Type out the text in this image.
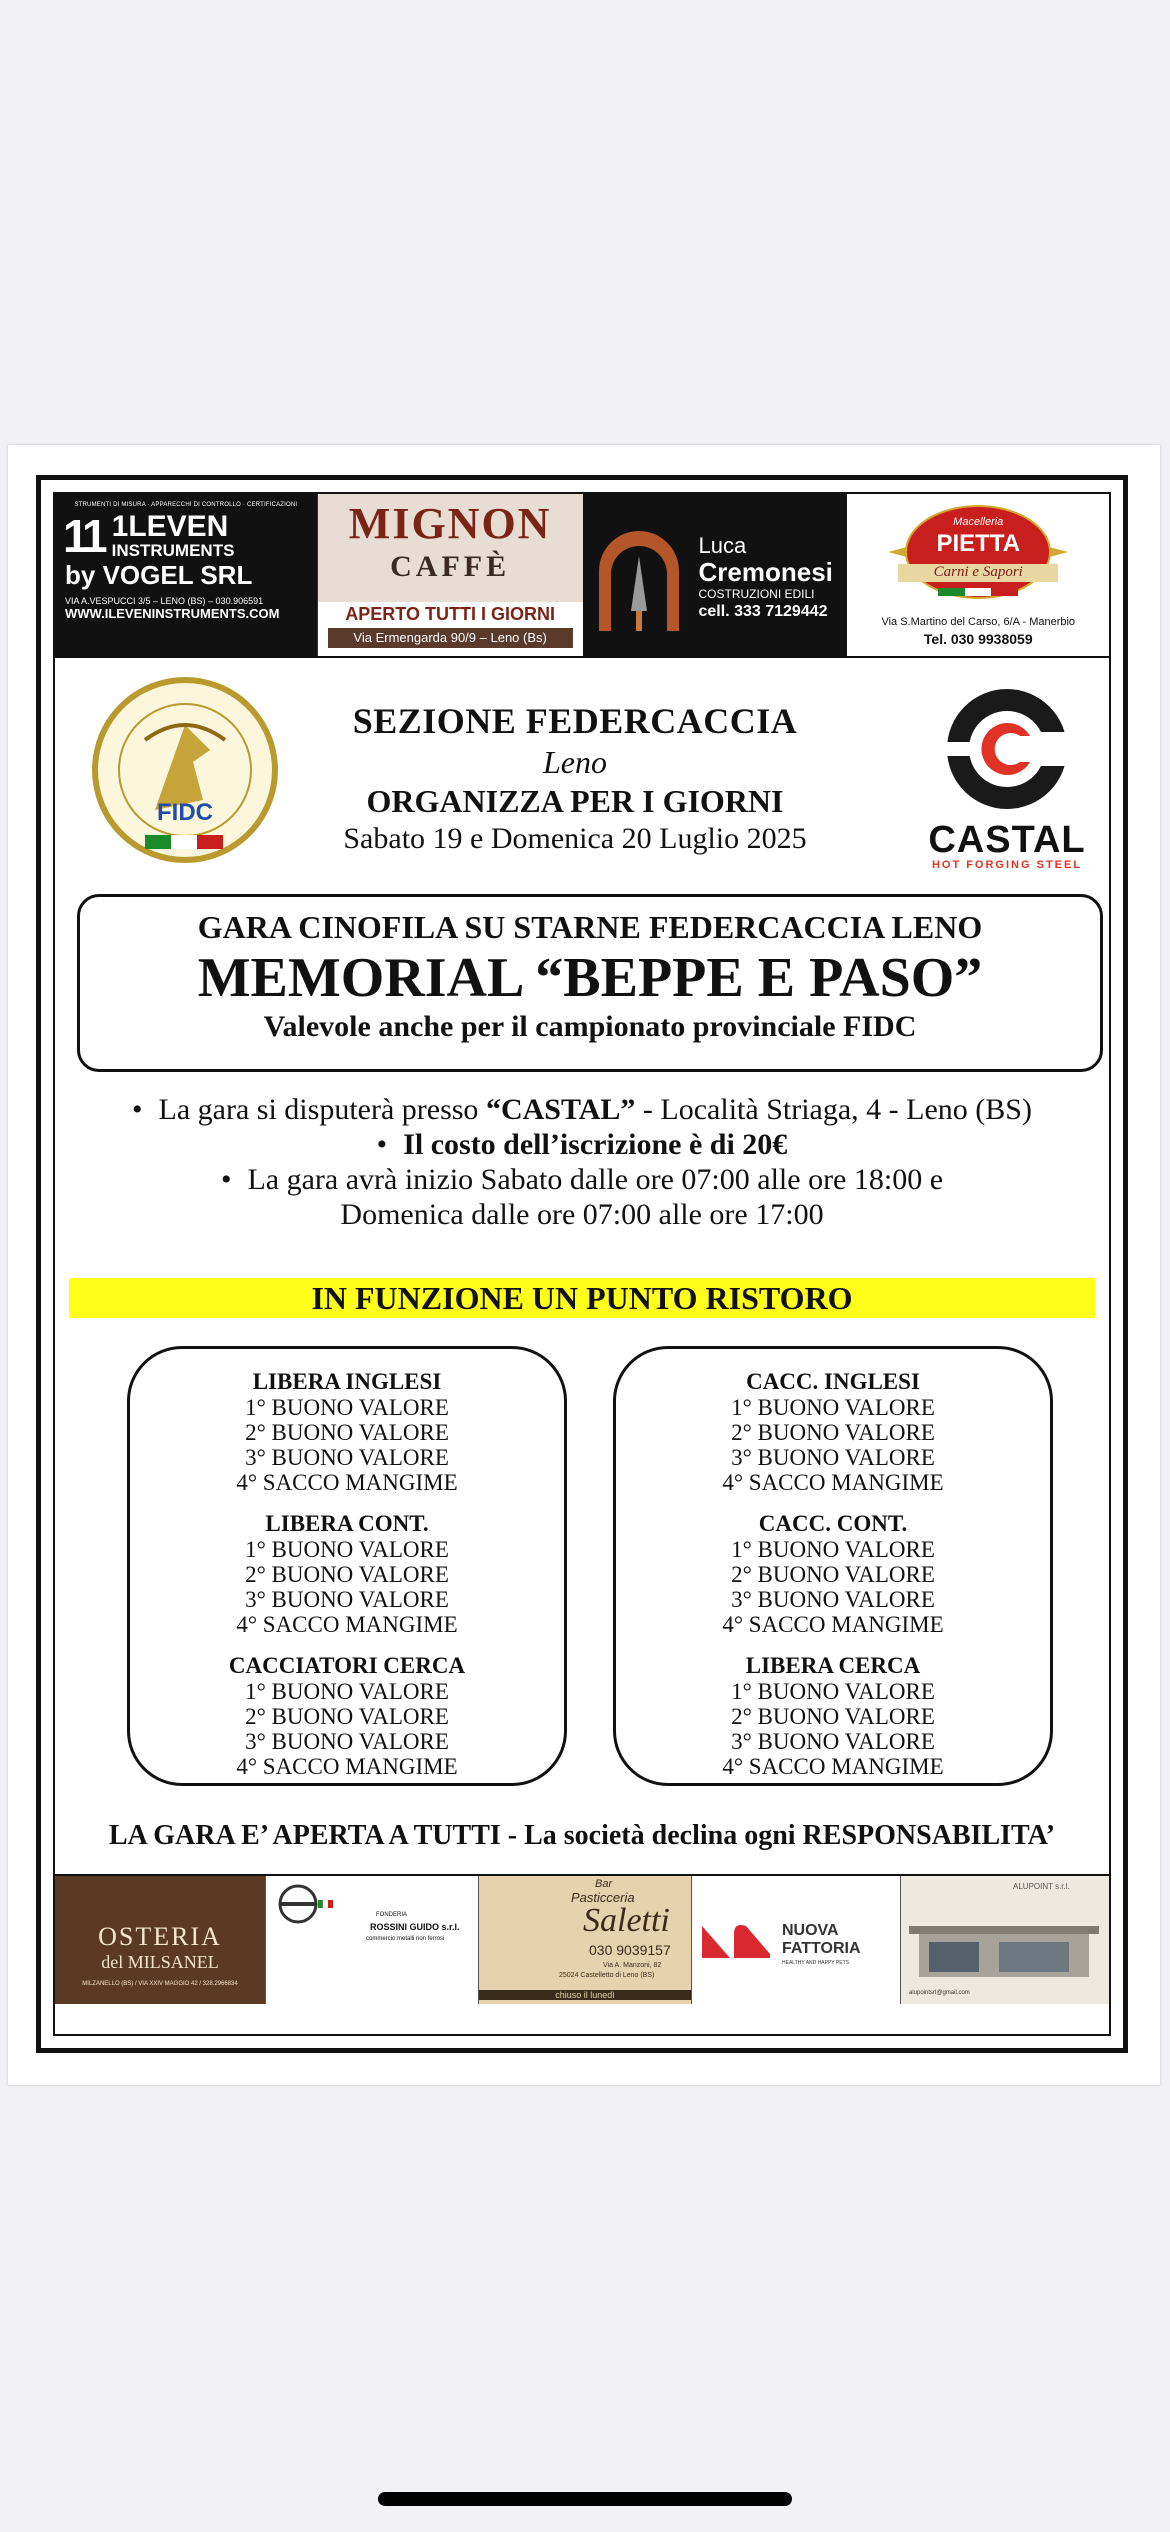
STRUMENTI DI MISURA · APPARECCHI DI CONTROLLO · CERTIFICAZIONI
11 1LEVEN
INSTRUMENTS
by VOGEL SRL
VIA A.VESPUCCI 3/5 – LENO (BS) – 030.906591
WWW.ILEVENINSTRUMENTS.COM
MIGNON
CAFFÈ
APERTO TUTTI I GIORNI
Via Ermengarda 90/9 – Leno (Bs)
Luca
Cremonesi
COSTRUZIONI EDILI
cell. 333 7129442
Macelleria
PIETTA
Carni e Sapori
Via S.Martino del Carso, 6/A - Manerbio
Tel. 030 9938059
FIDC
SEZIONE FEDERCACCIA
Leno
ORGANIZZA PER I GIORNI
Sabato 19 e Domenica 20 Luglio 2025	CASTAL
HOT FORGING STEEL
GARA CINOFILA SU STARNE FEDERCACCIA LENO
MEMORIAL “BEPPE E PASO”
Valevole anche per il campionato provinciale FIDC
• La gara si disputerà presso “CASTAL” - Località Striaga, 4 - Leno (BS)
• Il costo dell’iscrizione è di 20€
• La gara avrà inizio Sabato dalle ore 07:00 alle ore 18:00 e
Domenica dalle ore 07:00 alle ore 17:00
IN FUNZIONE UN PUNTO RISTORO
LIBERA INGLESI
1° BUONO VALORE
2° BUONO VALORE
3° BUONO VALORE
4° SACCO MANGIME
LIBERA CONT.
1° BUONO VALORE
2° BUONO VALORE
3° BUONO VALORE
4° SACCO MANGIME
CACCIATORI CERCA
1° BUONO VALORE
2° BUONO VALORE
3° BUONO VALORE
4° SACCO MANGIME
CACC. INGLESI
1° BUONO VALORE
2° BUONO VALORE
3° BUONO VALORE
4° SACCO MANGIME
CACC. CONT.
1° BUONO VALORE
2° BUONO VALORE
3° BUONO VALORE
4° SACCO MANGIME
LIBERA CERCA
1° BUONO VALORE
2° BUONO VALORE
3° BUONO VALORE
4° SACCO MANGIME
LA GARA E’ APERTA A TUTTI - La società declina ogni RESPONSABILITA’
OSTERIA
del MILSANEL
MILZANELLO (BS) / VIA XXIV MAGGIO 42 / 328.2966834
FONDERIA
ROSSINI GUIDO s.r.l.
commercio metalli non ferrosi
Bar
Pasticceria
Saletti
030 9039157
Via A. Manzoni, 82
25024 Castelletto di Leno (BS)
chiuso il lunedì
NUOVA
FATTORIA
HEALTHY AND HAPPY PETS
ALUPOINT s.r.l.
alupointsrl@gmail.com
